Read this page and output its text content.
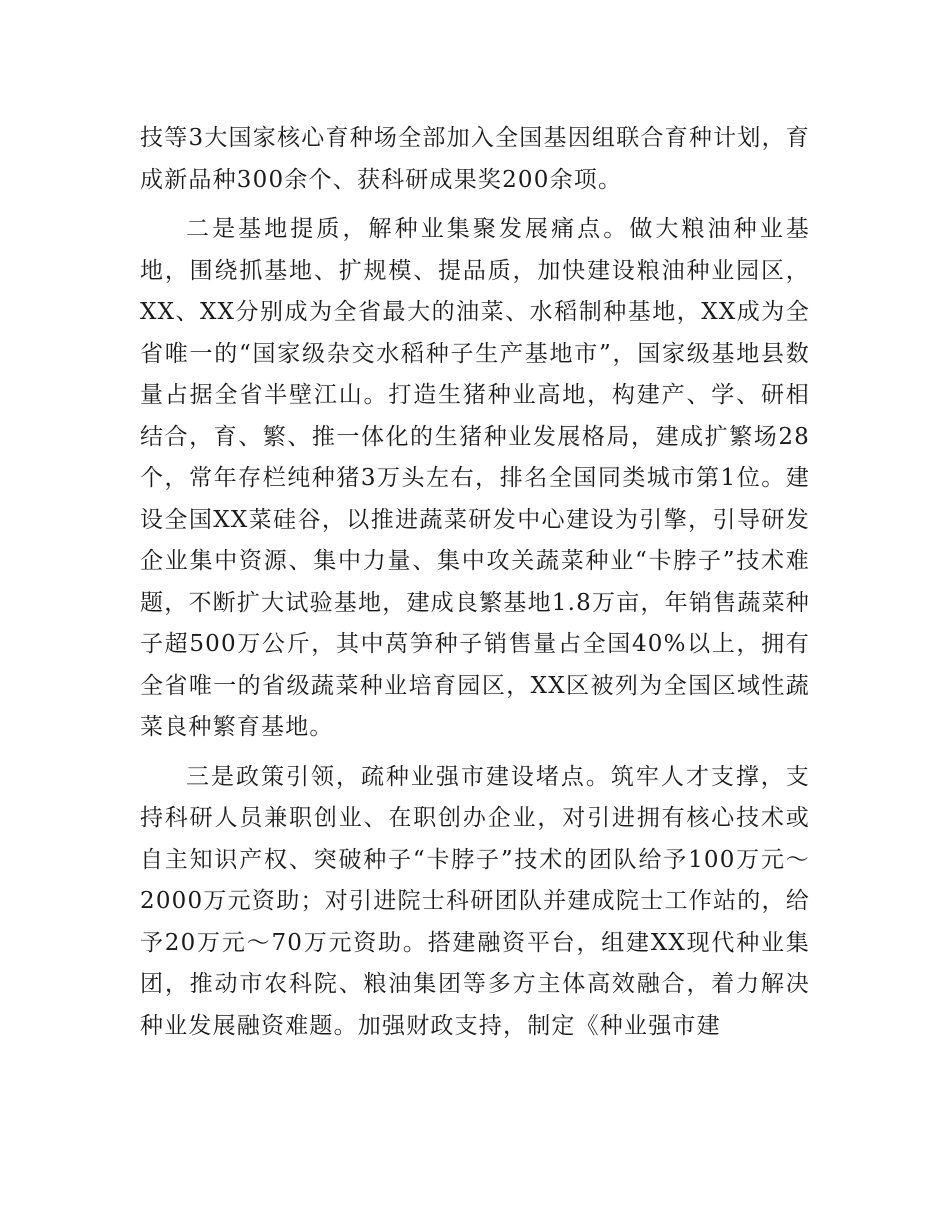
技等3大国家核心育种场全部加入全国基因组联合育种计划，育成新品种300余个、获科研成果奖200余项。

二是基地提质，解种业集聚发展痛点。做大粮油种业基地，围绕抓基地、扩规模、提品质，加快建设粮油种业园区，XX、XX分别成为全省最大的油菜、水稻制种基地，XX成为全省唯一的“国家级杂交水稻种子生产基地市”，国家级基地县数量占据全省半壁江山。打造生猪种业高地，构建产、学、研相结合，育、繁、推一体化的生猪种业发展格局，建成扩繁场28个，常年存栏纯种猪3万头左右，排名全国同类城市第1位。建设全国XX菜硅谷，以推进蔬菜研发中心建设为引擎，引导研发企业集中资源、集中力量、集中攻关蔬菜种业“卡脖子”技术难题，不断扩大试验基地，建成良繁基地1.8万亩，年销售蔬菜种子超500万公斤，其中莴笋种子销售量占全国40%以上，拥有全省唯一的省级蔬菜种业培育园区，XX区被列为全国区域性蔬菜良种繁育基地。

三是政策引领，疏种业强市建设堵点。筑牢人才支撑，支持科研人员兼职创业、在职创办企业，对引进拥有核心技术或自主知识产权、突破种子“卡脖子”技术的团队给予100万元～2000万元资助；对引进院士科研团队并建成院士工作站的，给予20万元～70万元资助。搭建融资平台，组建XX现代种业集团，推动市农科院、粮油集团等多方主体高效融合，着力解决种业发展融资难题。加强财政支持，制定《种业强市建
